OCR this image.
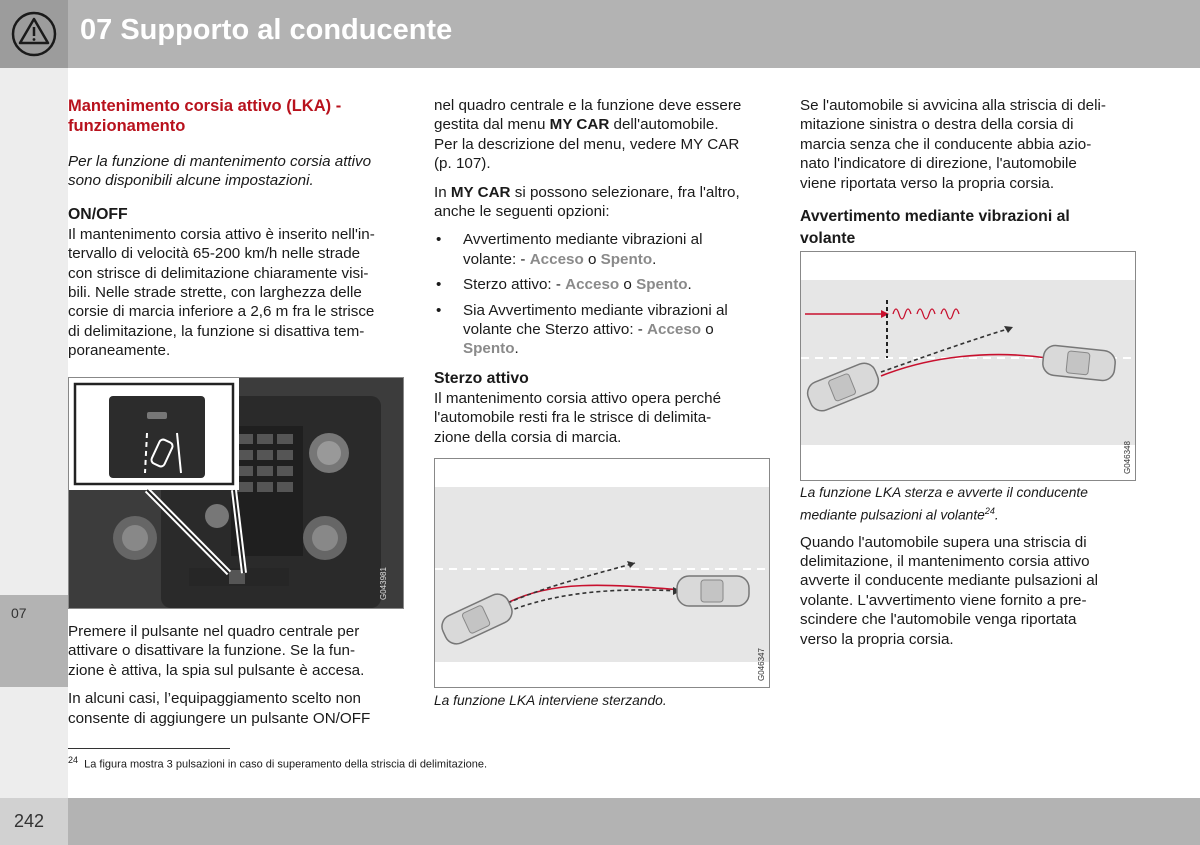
07 Supporto al conducente
07
242
Mantenimento corsia attivo (LKA) - funzionamento

Per la funzione di mantenimento corsia attivo sono disponibili alcune impostazioni.

ON/OFF
Il mantenimento corsia attivo è inserito nell'in-
tervallo di velocità 65-200 km/h nelle strade
con strisce di delimitazione chiaramente visi-
bili. Nelle strade strette, con larghezza delle
corsie di marcia inferiore a 2,6 m fra le strisce
di delimitazione, la funzione si disattiva tem-
poraneamente.
G043981

Premere il pulsante nel quadro centrale per
attivare o disattivare la funzione. Se la fun-
zione è attiva, la spia sul pulsante è accesa.

In alcuni casi, l’equipaggiamento scelto non
consente di aggiungere un pulsante ON/OFF

nel quadro centrale e la funzione deve essere
gestita dal menu MY CAR dell'automobile.
Per la descrizione del menu, vedere MY CAR
(p. 107).

In MY CAR si possono selezionare, fra l'altro,
anche le seguenti opzioni:

• Avvertimento mediante vibrazioni al
volante: - Acceso o Spento.
• Sterzo attivo: - Acceso o Spento.
• Sia Avvertimento mediante vibrazioni al
volante che Sterzo attivo: - Acceso o
Spento.
Sterzo attivo
Il mantenimento corsia attivo opera perché
l'automobile resti fra le strisce di delimita-
zione della corsia di marcia.
G046347
La funzione LKA interviene sterzando.

Se l'automobile si avvicina alla striscia di deli-
mitazione sinistra o destra della corsia di
marcia senza che il conducente abbia azio-
nato l'indicatore di direzione, l'automobile
viene riportata verso la propria corsia.

Avvertimento mediante vibrazioni al
volante
G046348

La funzione LKA sterza e avverte il conducente
mediante pulsazioni al volante$^{24}$.

Quando l'automobile supera una striscia di
delimitazione, il mantenimento corsia attivo
avverte il conducente mediante pulsazioni al
volante. L'avvertimento viene fornito a pre-
scindere che l'automobile venga riportata
verso la propria corsia.
$^{24}$ La figura mostra 3 pulsazioni in caso di superamento della striscia di delimitazione.
